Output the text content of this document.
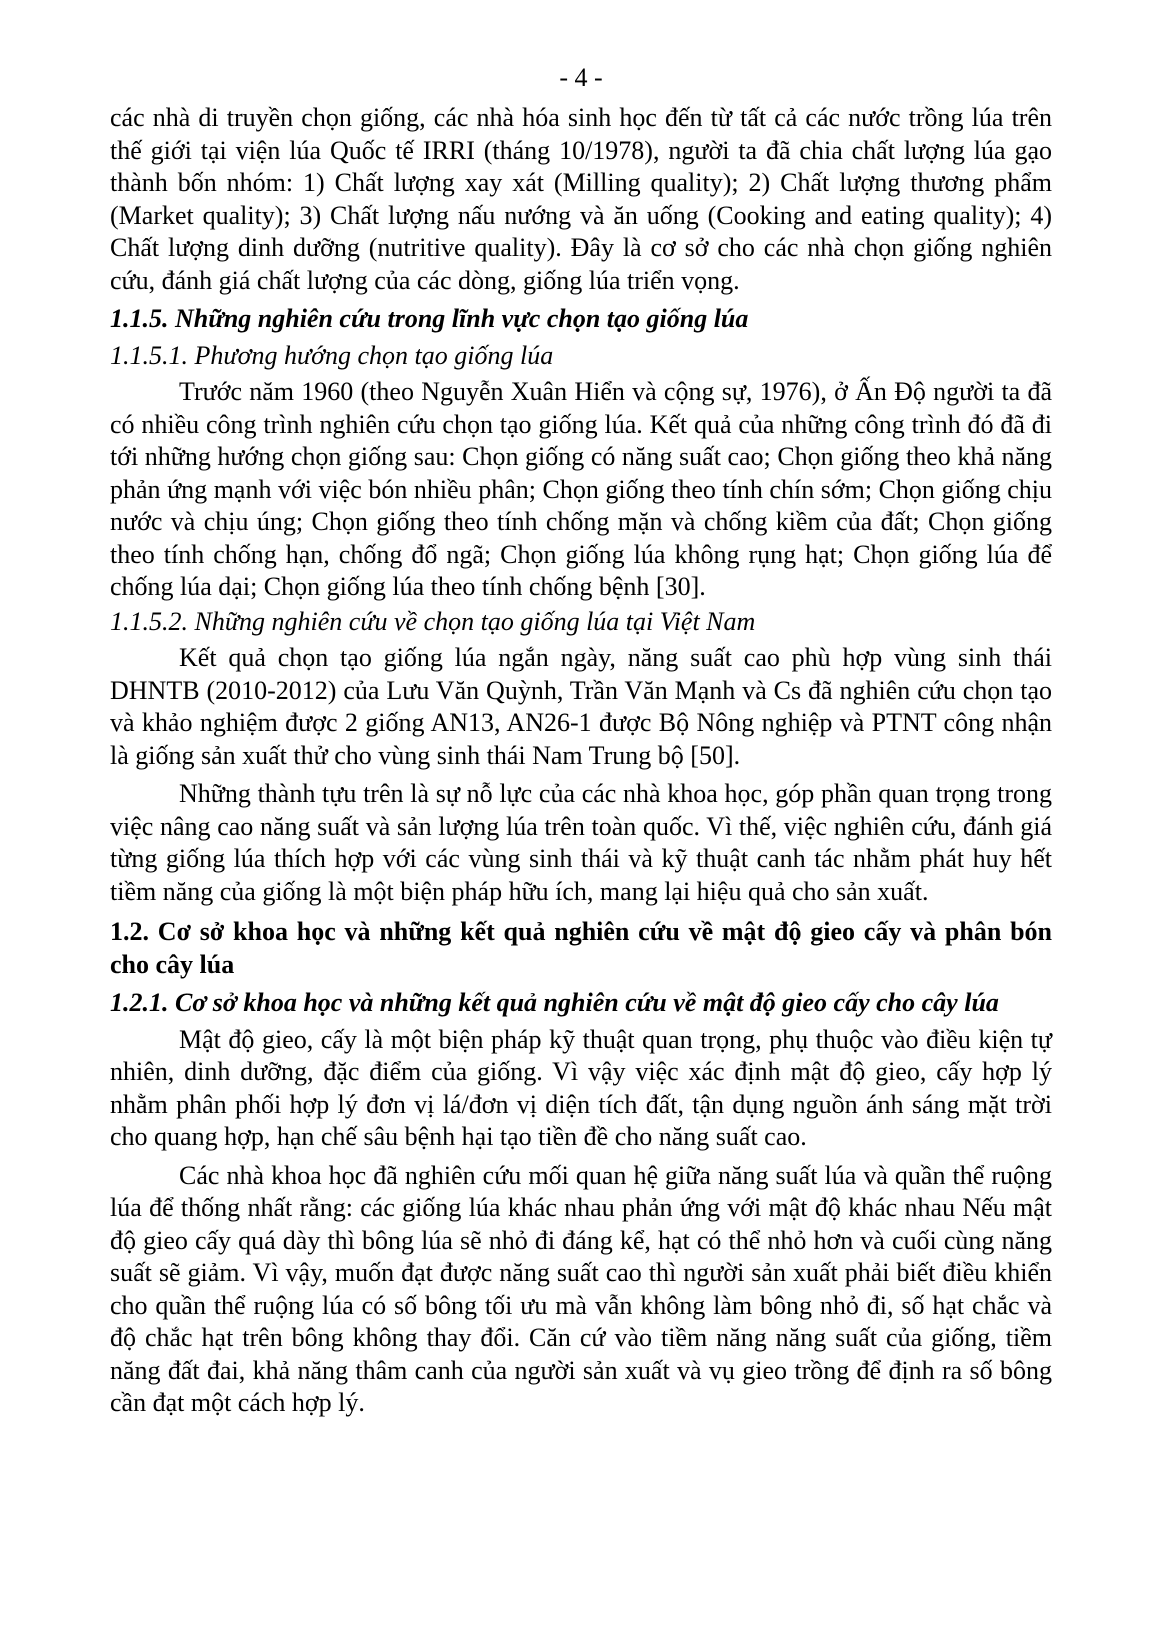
- 4 -

các nhà di truyền chọn giống, các nhà hóa sinh học đến từ tất cả các nước trồng lúa trên thế giới tại viện lúa Quốc tế IRRI (tháng 10/1978), người ta đã chia chất lượng lúa gạo thành bốn nhóm: 1) Chất lượng xay xát (Milling quality); 2) Chất lượng thương phẩm (Market quality); 3) Chất lượng nấu nướng và ăn uống (Cooking and eating quality); 4) Chất lượng dinh dưỡng (nutritive quality). Đây là cơ sở cho các nhà chọn giống nghiên cứu, đánh giá chất lượng của các dòng, giống lúa triển vọng.

1.1.5. Những nghiên cứu trong lĩnh vực chọn tạo giống lúa
1.1.5.1. Phương hướng chọn tạo giống lúa

Trước năm 1960 (theo Nguyễn Xuân Hiển và cộng sự, 1976), ở Ấn Độ người ta đã có nhiều công trình nghiên cứu chọn tạo giống lúa. Kết quả của những công trình đó đã đi tới những hướng chọn giống sau: Chọn giống có năng suất cao; Chọn giống theo khả năng phản ứng mạnh với việc bón nhiều phân; Chọn giống theo tính chín sớm; Chọn giống chịu nước và chịu úng; Chọn giống theo tính chống mặn và chống kiềm của đất; Chọn giống theo tính chống hạn, chống đổ ngã; Chọn giống lúa không rụng hạt; Chọn giống lúa để chống lúa dại; Chọn giống lúa theo tính chống bệnh [30].

1.1.5.2. Những nghiên cứu về chọn tạo giống lúa tại Việt Nam

Kết quả chọn tạo giống lúa ngắn ngày, năng suất cao phù hợp vùng sinh thái DHNTB (2010-2012) của Lưu Văn Quỳnh, Trần Văn Mạnh và Cs đã nghiên cứu chọn tạo và khảo nghiệm được 2 giống AN13, AN26-1 được Bộ Nông nghiệp và PTNT công nhận là giống sản xuất thử cho vùng sinh thái Nam Trung bộ [50].

Những thành tựu trên là sự nỗ lực của các nhà khoa học, góp phần quan trọng trong việc nâng cao năng suất và sản lượng lúa trên toàn quốc. Vì thế, việc nghiên cứu, đánh giá từng giống lúa thích hợp với các vùng sinh thái và kỹ thuật canh tác nhằm phát huy hết tiềm năng của giống là một biện pháp hữu ích, mang lại hiệu quả cho sản xuất.

1.2. Cơ sở khoa học và những kết quả nghiên cứu về mật độ gieo cấy và phân bón cho cây lúa
1.2.1. Cơ sở khoa học và những kết quả nghiên cứu về mật độ gieo cấy cho cây lúa

Mật độ gieo, cấy là một biện pháp kỹ thuật quan trọng, phụ thuộc vào điều kiện tự nhiên, dinh dưỡng, đặc điểm của giống. Vì vậy việc xác định mật độ gieo, cấy hợp lý nhằm phân phối hợp lý đơn vị lá/đơn vị diện tích đất, tận dụng nguồn ánh sáng mặt trời cho quang hợp, hạn chế sâu bệnh hại tạo tiền đề cho năng suất cao.

Các nhà khoa học đã nghiên cứu mối quan hệ giữa năng suất lúa và quần thể ruộng lúa để thống nhất rằng: các giống lúa khác nhau phản ứng với mật độ khác nhau Nếu mật độ gieo cấy quá dày thì bông lúa sẽ nhỏ đi đáng kể, hạt có thể nhỏ hơn và cuối cùng năng suất sẽ giảm. Vì vậy, muốn đạt được năng suất cao thì người sản xuất phải biết điều khiển cho quần thể ruộng lúa có số bông tối ưu mà vẫn không làm bông nhỏ đi, số hạt chắc và độ chắc hạt trên bông không thay đổi. Căn cứ vào tiềm năng năng suất của giống, tiềm năng đất đai, khả năng thâm canh của người sản xuất và vụ gieo trồng để định ra số bông cần đạt một cách hợp lý.
